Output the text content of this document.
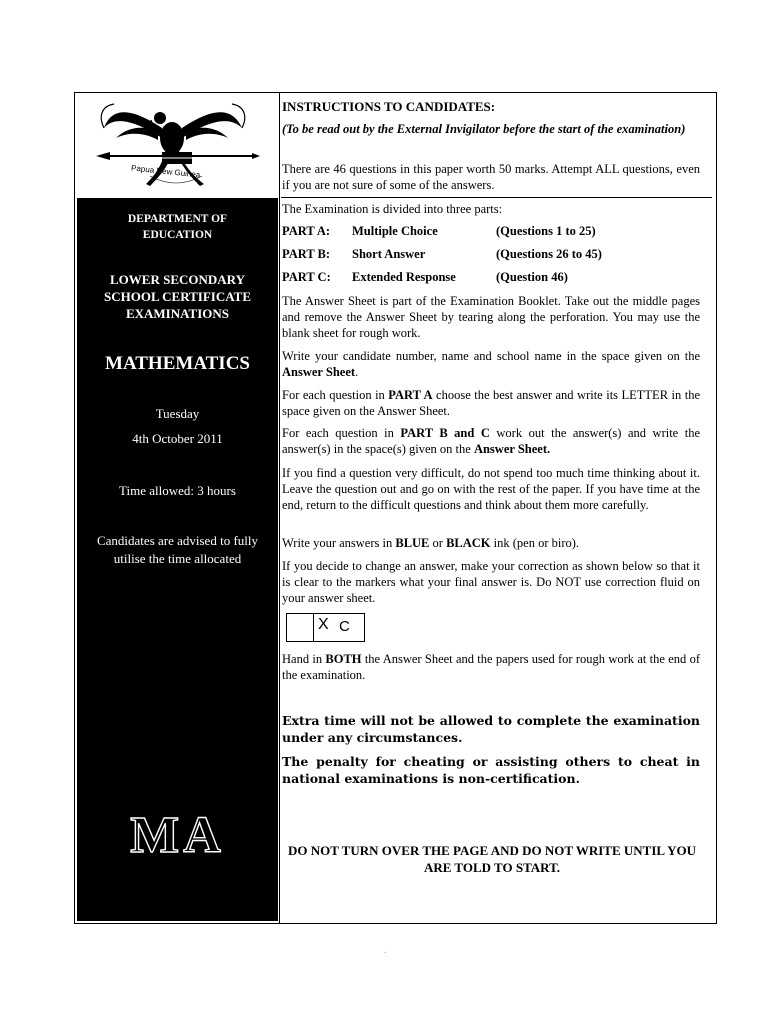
Papua New Guinea
DEPARTMENT OF EDUCATION
LOWER SECONDARY
SCHOOL CERTIFICATE
EXAMINATIONS
MATHEMATICS
Tuesday
4th October 2011
Time allowed: 3 hours
Candidates are advised to fully utilise the time allocated
MA

INSTRUCTIONS TO CANDIDATES:

(To be read out by the External Invigilator before the start of the examination)

There are 46 questions in this paper worth 50 marks. Attempt ALL questions, even if you are not sure of some of the answers.

The Examination is divided into three parts:

PART A: Multiple Choice	(Questions 1 to 25)
PART B: Short Answer	(Questions 26 to 45)
PART C: Extended Response	(Question 46)

The Answer Sheet is part of the Examination Booklet. Take out the middle pages and remove the Answer Sheet by tearing along the perforation. You may use the blank sheet for rough work.

Write your candidate number, name and school name in the space given on the Answer Sheet.

For each question in PART A choose the best answer and write its LETTER in the space given on the Answer Sheet.

For each question in PART B and C work out the answer(s) and write the answer(s) in the space(s) given on the Answer Sheet.

If you find a question very difficult, do not spend too much time thinking about it. Leave the question out and go on with the rest of the paper. If you have time at the end, return to the difficult questions and think about them more carefully.

Write your answers in BLUE or BLACK ink (pen or biro).

If you decide to change an answer, make your correction as shown below so that it is clear to the markers what your final answer is. Do NOT use correction fluid on your answer sheet.

X C

Hand in BOTH the Answer Sheet and the papers used for rough work at the end of the examination.

Extra time will not be allowed to complete the examination under any circumstances.

The penalty for cheating or assisting others to cheat in national examinations is non-certification.

DO NOT TURN OVER THE PAGE AND DO NOT WRITE UNTIL YOU ARE TOLD TO START.
.
